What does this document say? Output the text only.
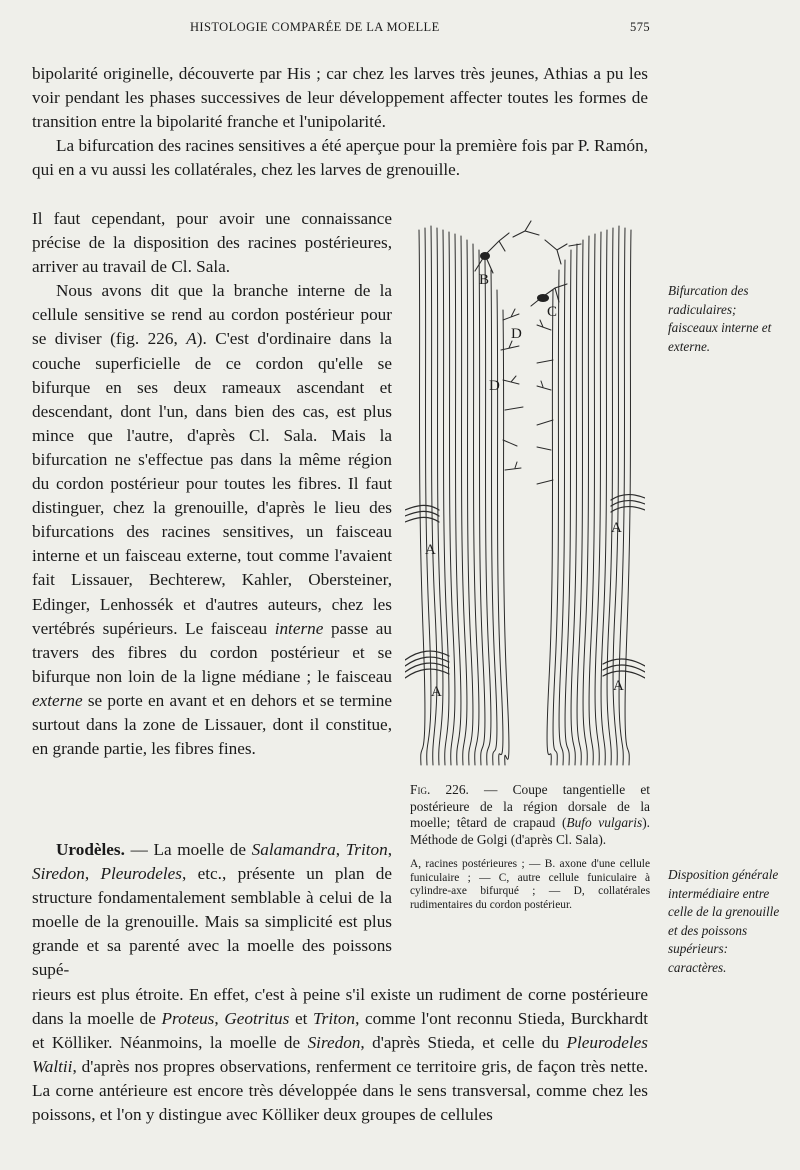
HISTOLOGIE COMPARÉE DE LA MOELLE	575

bipolarité originelle, découverte par His ; car chez les larves très jeunes, Athias a pu les voir pendant les phases successives de leur développement affecter toutes les formes de transition entre la bipolarité franche et l'unipolarité.

La bifurcation des racines sensitives a été aperçue pour la première fois par P. Ramón, qui en a vu aussi les collatérales, chez les larves de grenouille.

Il faut cependant, pour avoir une connaissance précise de la disposition des racines postérieures, arriver au travail de Cl. Sala.

Nous avons dit que la branche interne de la cellule sensitive se rend au cordon postérieur pour se diviser (fig. 226, A). C'est d'ordinaire dans la couche superficielle de ce cordon qu'elle se bifurque en ses deux rameaux ascendant et descendant, dont l'un, dans bien des cas, est plus mince que l'autre, d'après Cl. Sala. Mais la bifurcation ne s'effectue pas dans la même région du cordon postérieur pour toutes les fibres. Il faut distinguer, chez la grenouille, d'après le lieu des bifurcations des racines sensitives, un faisceau interne et un faisceau externe, tout comme l'avaient fait Lissauer, Bechterew, Kahler, Obersteiner, Edinger, Lenhossék et d'autres auteurs, chez les vertébrés supérieurs. Le faisceau interne passe au travers des fibres du cordon postérieur et se bifurque non loin de la ligne médiane ; le faisceau externe se porte en avant et en dehors et se termine surtout dans la zone de Lissauer, dont il constitue, en grande partie, les fibres fines.

Urodèles. — La moelle de Salamandra, Triton, Siredon, Pleurodeles, etc., présente un plan de structure fondamentalement semblable à celui de la moelle de la grenouille. Mais sa simplicité est plus grande et sa parenté avec la moelle des poissons supé-

rieurs est plus étroite. En effet, c'est à peine s'il existe un rudiment de corne postérieure dans la moelle de Proteus, Geotritus et Triton, comme l'ont reconnu Stieda, Burckhardt et Kölliker. Néanmoins, la moelle de Siredon, d'après Stieda, et celle du Pleurodeles Waltii, d'après nos propres observations, renferment ce territoire gris, de façon très nette. La corne antérieure est encore très développée dans le sens transversal, comme chez les poissons, et l'on y distingue avec Kölliker deux groupes de cellules

B
C
D
D
A
A
A	A

Fig. 226. — Coupe tangentielle et postérieure de la région dorsale de la moelle; têtard de crapaud (Bufo vulgaris). Méthode de Golgi (d'après Cl. Sala).

A, racines postérieures ; — B. axone d'une cellule funiculaire ; — C, autre cellule funiculaire à cylindre-axe bifurqué ; — D, collatérales rudimentaires du cordon postérieur.

Bifurcation des radiculaires; faisceaux interne et externe.
Disposition générale intermédiaire entre celle de la grenouille et des poissons supérieurs: caractères.
